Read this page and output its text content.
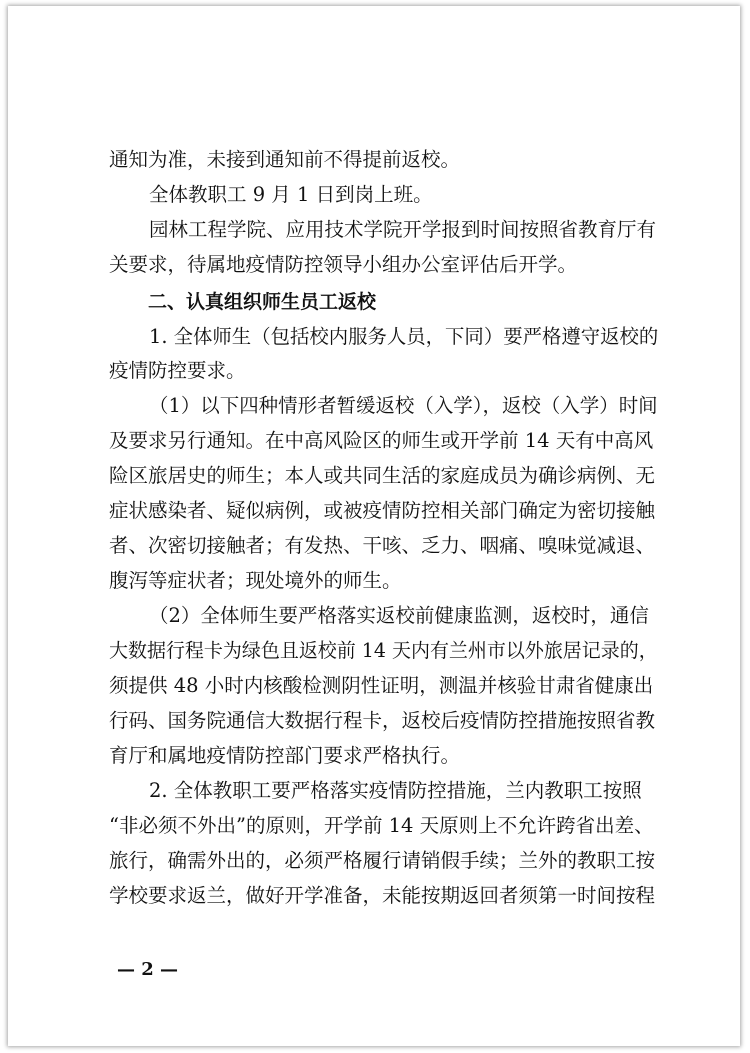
通知为准，未接到通知前不得提前返校。
全体教职工 9 月 1 日到岗上班。
园林工程学院、应用技术学院开学报到时间按照省教育厅有
关要求，待属地疫情防控领导小组办公室评估后开学。
二、认真组织师生员工返校
1. 全体师生（包括校内服务人员，下同）要严格遵守返校的
疫情防控要求。
（1）以下四种情形者暂缓返校（入学），返校（入学）时间
及要求另行通知。在中高风险区的师生或开学前 14 天有中高风
险区旅居史的师生；本人或共同生活的家庭成员为确诊病例、无
症状感染者、疑似病例，或被疫情防控相关部门确定为密切接触
者、次密切接触者；有发热、干咳、乏力、咽痛、嗅味觉减退、
腹泻等症状者；现处境外的师生。
（2）全体师生要严格落实返校前健康监测，返校时，通信
大数据行程卡为绿色且返校前 14 天内有兰州市以外旅居记录的，
须提供 48 小时内核酸检测阴性证明，测温并核验甘肃省健康出
行码、国务院通信大数据行程卡，返校后疫情防控措施按照省教
育厅和属地疫情防控部门要求严格执行。
2. 全体教职工要严格落实疫情防控措施，兰内教职工按照
“非必须不外出”的原则，开学前 14 天原则上不允许跨省出差、
旅行，确需外出的，必须严格履行请销假手续；兰外的教职工按
学校要求返兰，做好开学准备，未能按期返回者须第一时间按程
— 2 —
